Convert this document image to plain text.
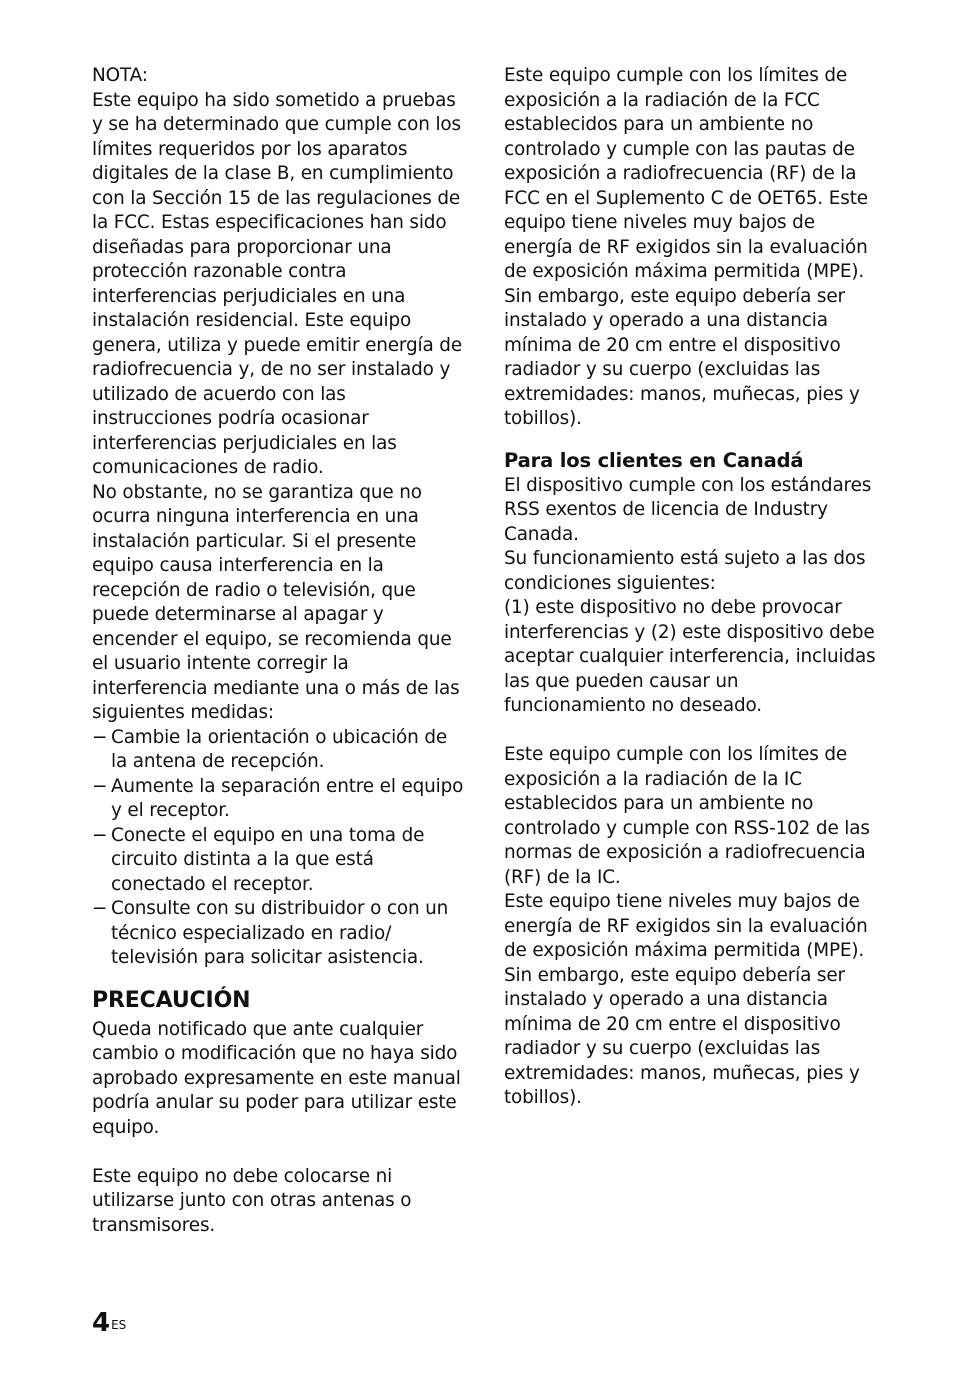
NOTA:

Este equipo ha sido sometido a pruebas y se ha determinado que cumple con los límites requeridos por los aparatos digitales de la clase B, en cumplimiento con la Sección 15 de las regulaciones de la FCC. Estas especificaciones han sido diseñadas para proporcionar una protección razonable contra interferencias perjudiciales en una instalación residencial. Este equipo genera, utiliza y puede emitir energía de radiofrecuencia y, de no ser instalado y utilizado de acuerdo con las instrucciones podría ocasionar interferencias perjudiciales en las comunicaciones de radio.

No obstante, no se garantiza que no ocurra ninguna interferencia en una instalación particular. Si el presente equipo causa interferencia en la recepción de radio o televisión, que puede determinarse al apagar y encender el equipo, se recomienda que el usuario intente corregir la interferencia mediante una o más de las siguientes medidas:

− Cambie la orientación o ubicación de la antena de recepción.
− Aumente la separación entre el equipo y el receptor.
− Conecte el equipo en una toma de circuito distinta a la que está conectado el receptor.
− Consulte con su distribuidor o con un técnico especializado en radio/ televisión para solicitar asistencia.
PRECAUCIÓN

Queda notificado que ante cualquier cambio o modificación que no haya sido aprobado expresamente en este manual podría anular su poder para utilizar este equipo.

Este equipo no debe colocarse ni utilizarse junto con otras antenas o transmisores.

Este equipo cumple con los límites de exposición a la radiación de la FCC establecidos para un ambiente no controlado y cumple con las pautas de exposición a radiofrecuencia (RF) de la FCC en el Suplemento C de OET65. Este equipo tiene niveles muy bajos de energía de RF exigidos sin la evaluación de exposición máxima permitida (MPE). Sin embargo, este equipo debería ser instalado y operado a una distancia mínima de 20 cm entre el dispositivo radiador y su cuerpo (excluidas las extremidades: manos, muñecas, pies y tobillos).

Para los clientes en Canadá

El dispositivo cumple con los estándares RSS exentos de licencia de Industry Canada.

Su funcionamiento está sujeto a las dos condiciones siguientes:

(1) este dispositivo no debe provocar interferencias y (2) este dispositivo debe aceptar cualquier interferencia, incluidas las que pueden causar un funcionamiento no deseado.

Este equipo cumple con los límites de exposición a la radiación de la IC establecidos para un ambiente no controlado y cumple con RSS-102 de las normas de exposición a radiofrecuencia (RF) de la IC.

Este equipo tiene niveles muy bajos de energía de RF exigidos sin la evaluación de exposición máxima permitida (MPE). Sin embargo, este equipo debería ser instalado y operado a una distancia mínima de 20 cm entre el dispositivo radiador y su cuerpo (excluidas las extremidades: manos, muñecas, pies y tobillos).

$4^{ES}$
